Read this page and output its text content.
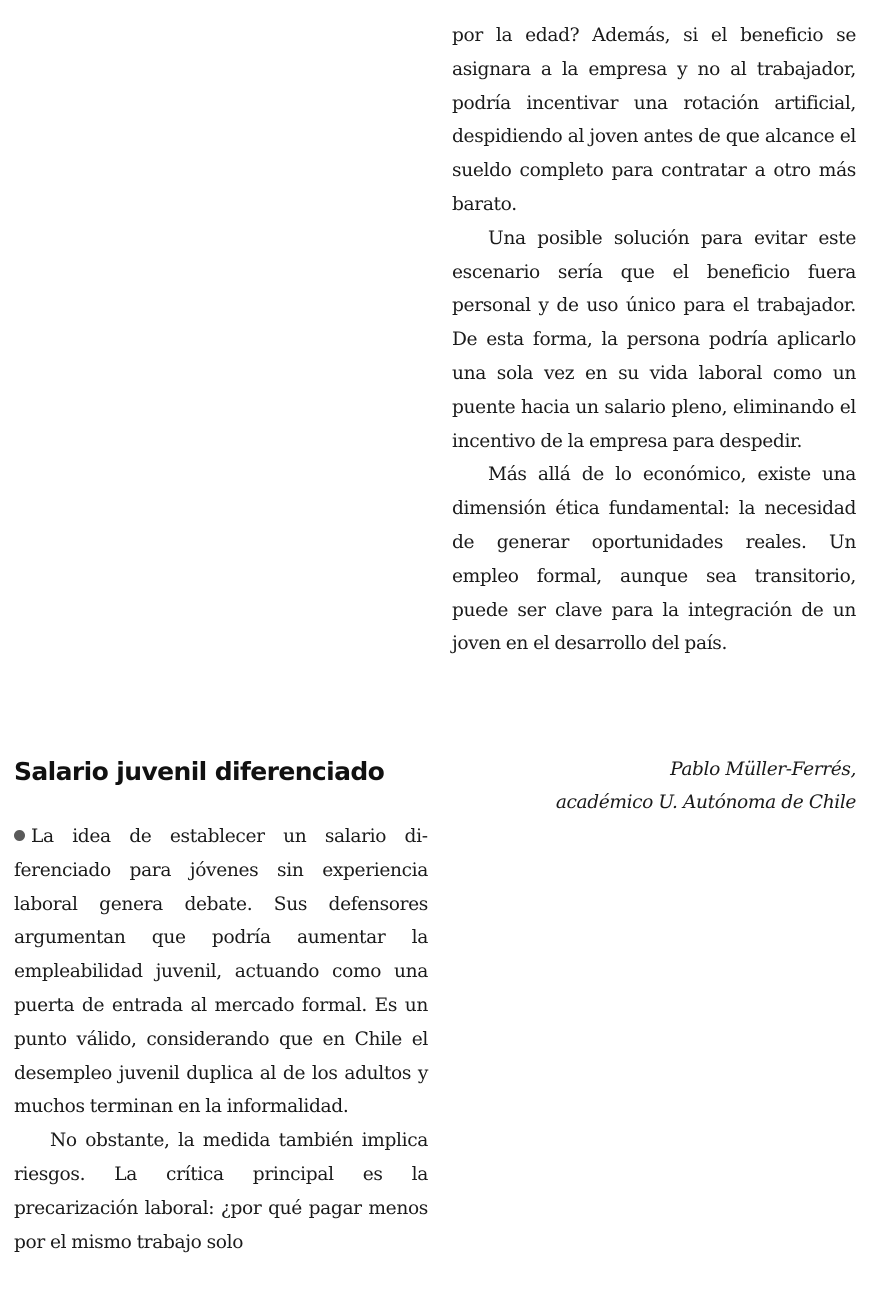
por la edad? Además, si el beneficio se asignara a la empresa y no al trabajador, podría incentivar una rotación artificial, despidiendo al joven antes de que alcance el sueldo completo para contratar a otro más barato.

Una posible solución para evitar este escenario sería que el beneficio fuera personal y de uso único para el trabajador. De esta forma, la persona podría aplicarlo una sola vez en su vida laboral como un puente hacia un salario pleno, eliminando el incentivo de la empresa para despedir.

Más allá de lo económico, existe una dimensión ética fundamental: la necesidad de generar oportunidades reales. Un empleo formal, aunque sea transitorio, puede ser clave para la integración de un joven en el desarrollo del país.

Salario juvenil diferenciado	Pablo Müller-Ferrés,
académico U. Autónoma de Chile

La idea de establecer un salario diferenciado para jóvenes sin experiencia laboral genera debate. Sus defensores argumentan que podría aumentar la empleabilidad juvenil, actuando como una puerta de entrada al mercado formal. Es un punto válido, considerando que en Chile el desempleo juvenil duplica al de los adultos y muchos terminan en la informalidad.

No obstante, la medida también implica riesgos. La crítica principal es la precarización laboral: ¿por qué pagar menos por el mismo trabajo solo
